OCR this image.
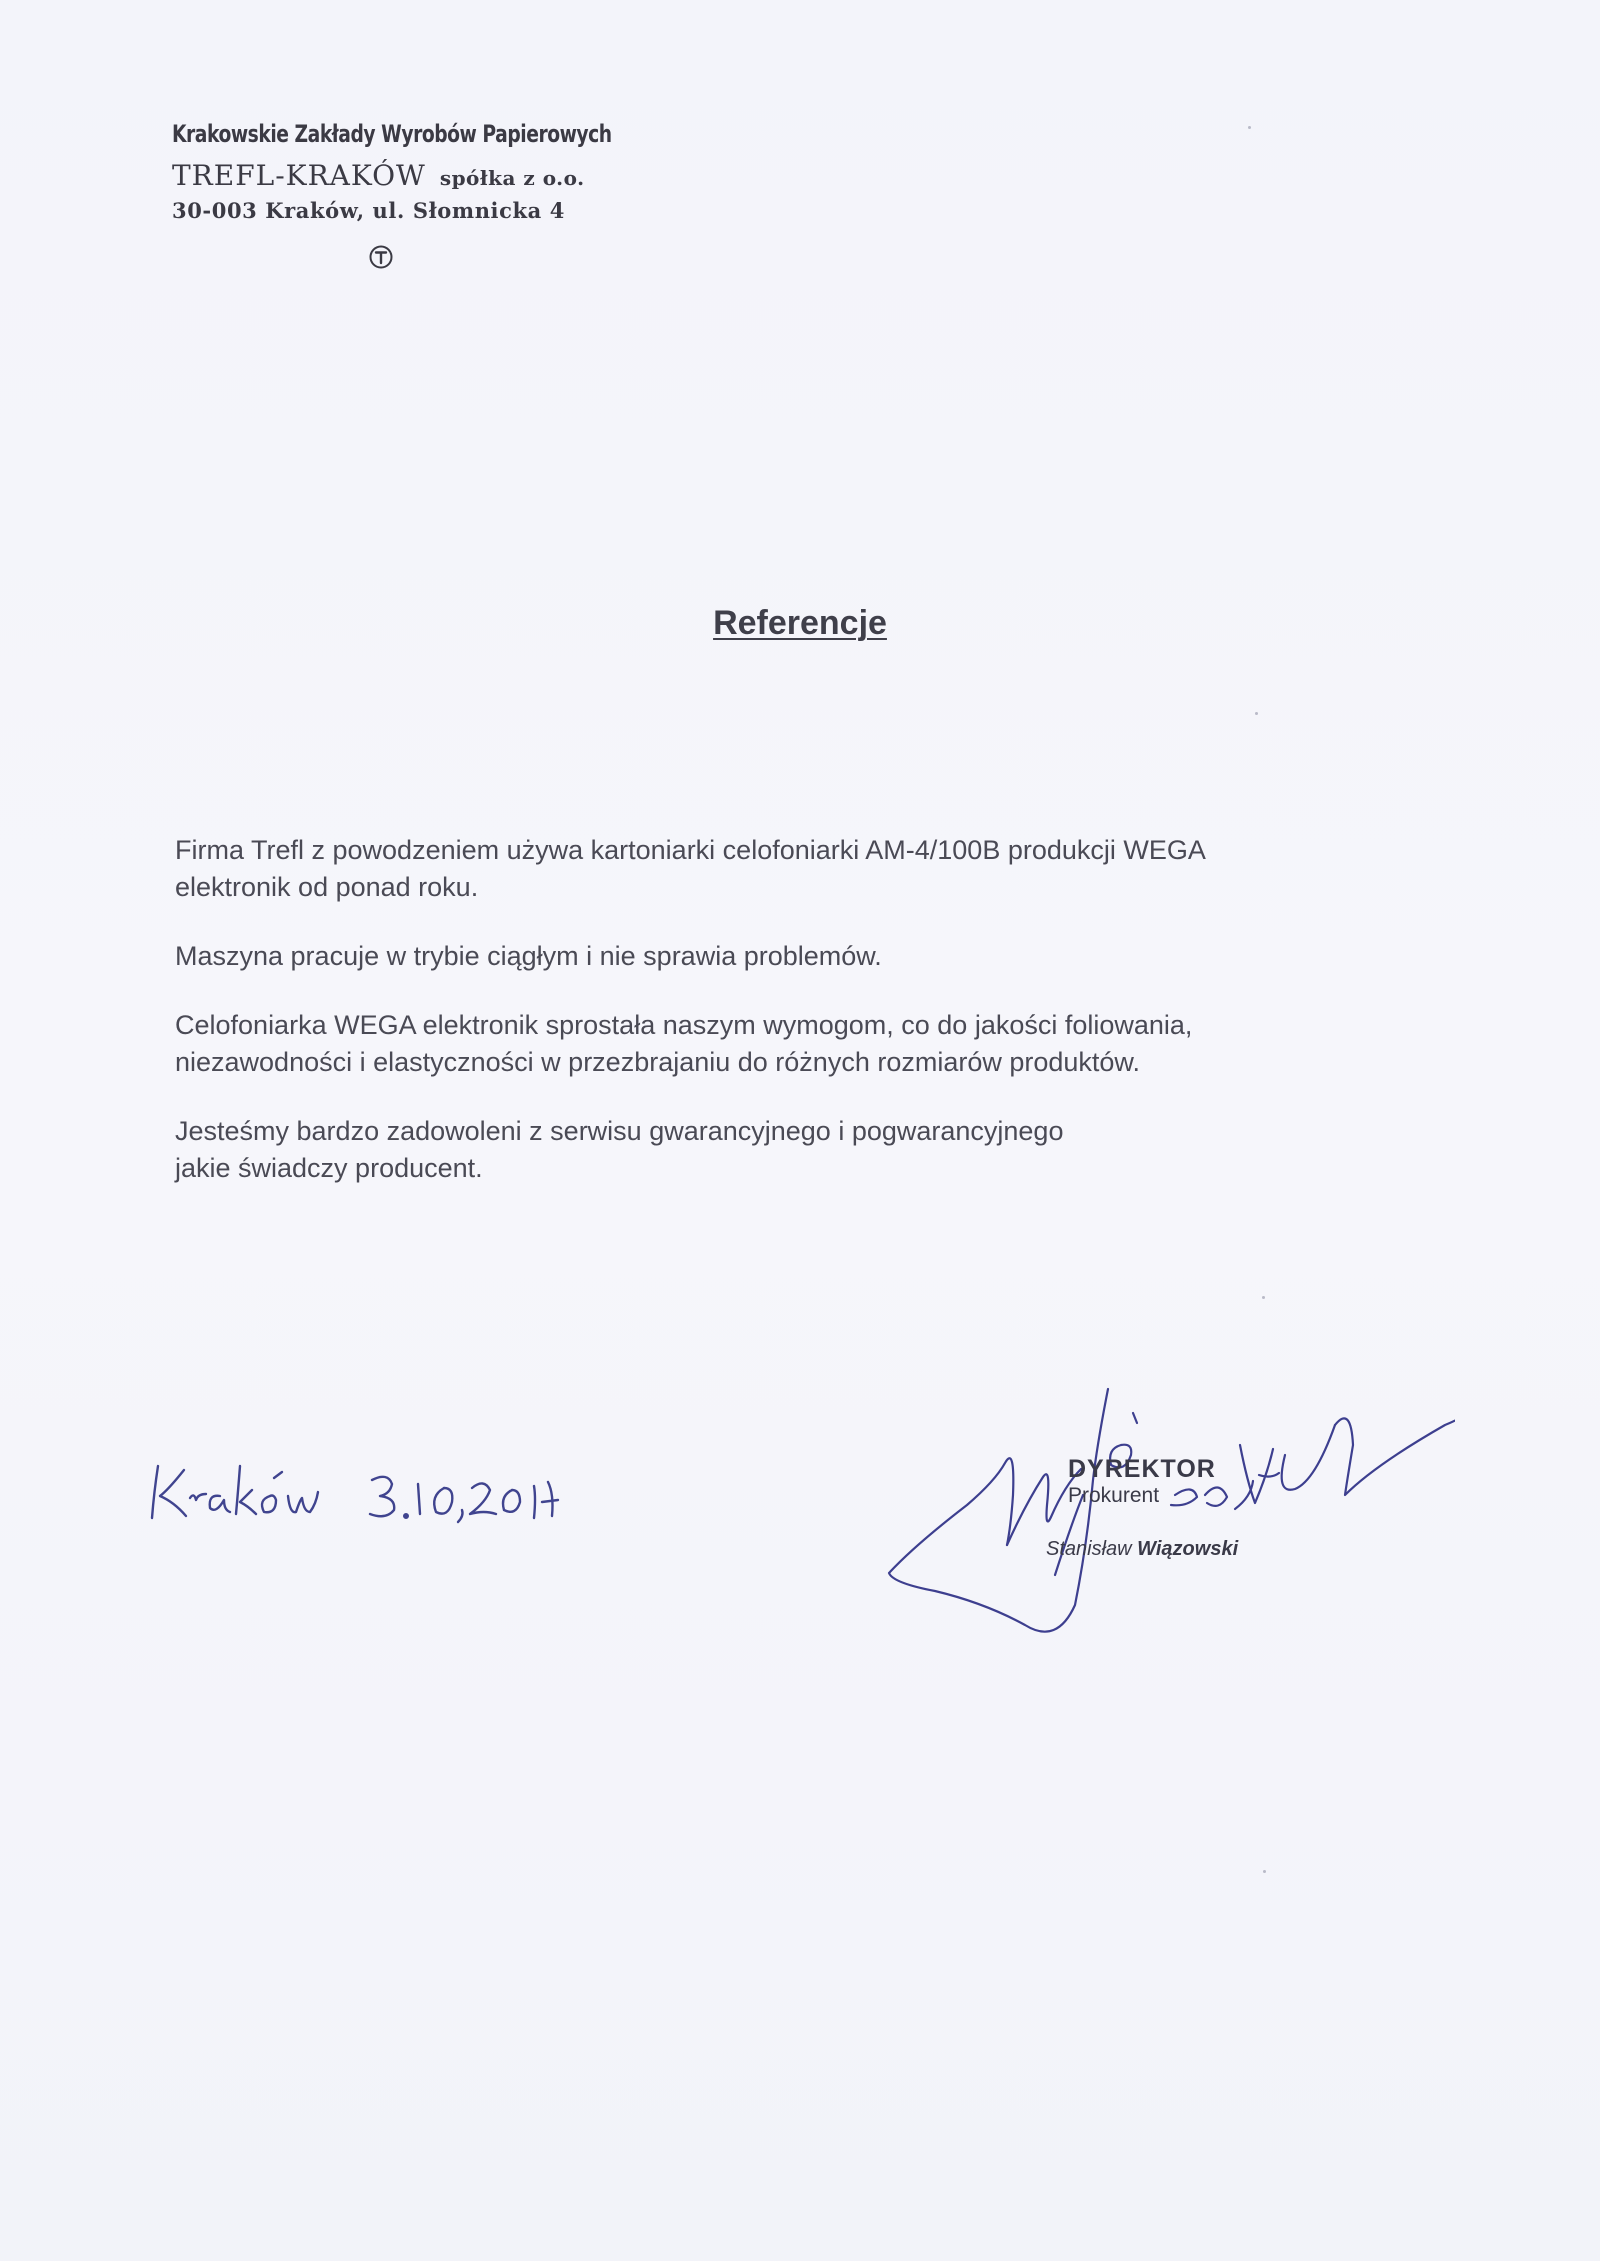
Krakowskie Zakłady Wyrobów Papierowych
TREFL-KRAKÓW spółka z o.o.
30-003 Kraków, ul. Słomnicka 4
Referencje

Firma Trefl z powodzeniem używa kartoniarki celofoniarki AM-4/100B produkcji WEGA
elektronik od ponad roku.

Maszyna pracuje w trybie ciągłym i nie sprawia problemów.

Celofoniarka WEGA elektronik sprostała naszym wymogom, co do jakości foliowania,
niezawodności i elastyczności w przezbrajaniu do różnych rozmiarów produktów.

Jesteśmy bardzo zadowoleni z serwisu gwarancyjnego i pogwarancyjnego
jakie świadczy producent.

DYREKTOR
Prokurent
Stanisław Wiązowski
